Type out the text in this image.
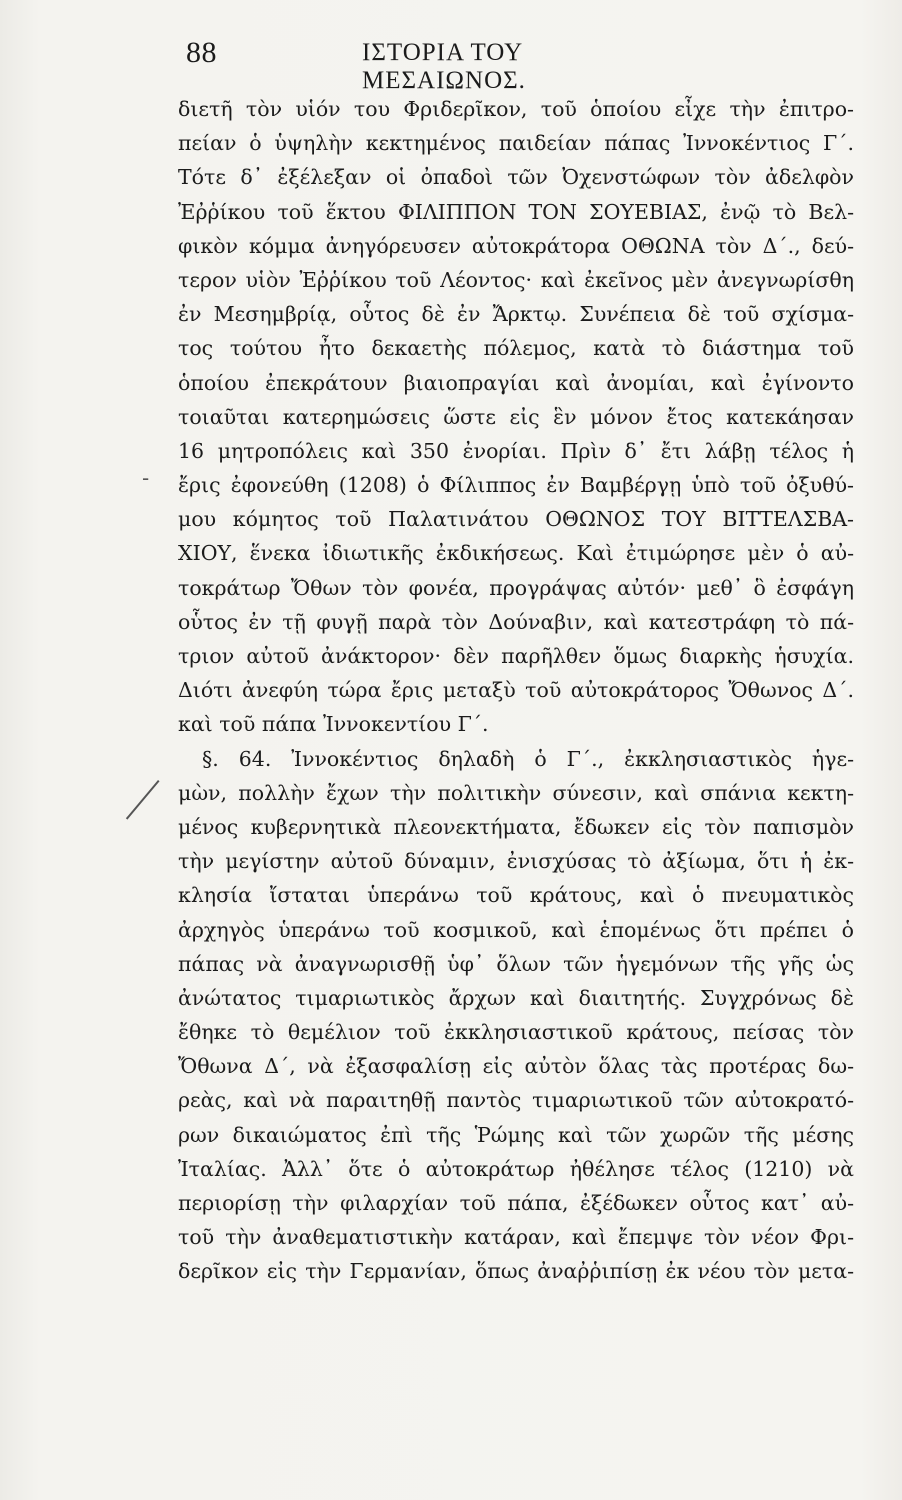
88	ΙΣΤΟΡΙΑ ΤΟΥ ΜΕΣΑΙΩΝΟΣ.
‐
διετῆ τὸν υἱόν του Φριδερῖκον, τοῦ ὁποίου εἶχε τὴν ἐπιτρο-
πείαν ὁ ὑψηλὴν κεκτημένος παιδείαν πάπας Ἰννοκέντιος Γ΄.
Τότε δ᾿ ἐξέλεξαν οἱ ὀπαδοὶ τῶν Ὀχενστώφων τὸν ἀδελφὸν
Ἐῤῥίκου τοῦ ἕκτου ΦΙΛΙΠΠΟΝ ΤΟΝ ΣΟΥΕΒΙΑΣ, ἐνῷ τὸ Βελ-
φικὸν κόμμα ἀνηγόρευσεν αὐτοκράτορα ΟΘΩΝΑ τὸν Δ΄., δεύ-
τερον υἱὸν Ἐῤῥίκου τοῦ Λέοντος· καὶ ἐκεῖνος μὲν ἀνεγνωρίσθη
ἐν Μεσημβρίᾳ, οὗτος δὲ ἐν Ἄρκτῳ. Συνέπεια δὲ τοῦ σχίσμα-
τος τούτου ἦτο δεκαετὴς πόλεμος, κατὰ τὸ διάστημα τοῦ
ὁποίου ἐπεκράτουν βιαιοπραγίαι καὶ ἀνομίαι, καὶ ἐγίνοντο
τοιαῦται κατερημώσεις ὥστε εἰς ἓν μόνον ἔτος κατεκάησαν
16 μητροπόλεις καὶ 350 ἐνορίαι. Πρὶν δ᾿ ἔτι λάβῃ τέλος ἡ
ἔρις ἐφονεύθη (1208) ὁ Φίλιππος ἐν Βαμβέργῃ ὑπὸ τοῦ ὀξυθύ-
μου κόμητος τοῦ Παλατινάτου ΟΘΩΝΟΣ ΤΟΥ ΒΙΤΤΕΛΣΒΑ-
ΧΙΟΥ, ἕνεκα ἰδιωτικῆς ἐκδικήσεως. Καὶ ἐτιμώρησε μὲν ὁ αὐ-
τοκράτωρ Ὄθων τὸν φονέα, προγράψας αὐτόν· μεθ᾿ ὃ ἐσφάγη
οὗτος ἐν τῇ φυγῇ παρὰ τὸν Δούναβιν, καὶ κατεστράφη τὸ πά-
τριον αὐτοῦ ἀνάκτορον· δὲν παρῆλθεν ὅμως διαρκὴς ἡσυχία.
Διότι ἀνεφύη τώρα ἔρις μεταξὺ τοῦ αὐτοκράτορος Ὄθωνος Δ΄.
καὶ τοῦ πάπα Ἰννοκεντίου Γ΄.
§. 64. Ἰννοκέντιος δηλαδὴ ὁ Γ΄., ἐκκλησιαστικὸς ἡγε-
μὼν, πολλὴν ἔχων τὴν πολιτικὴν σύνεσιν, καὶ σπάνια κεκτη-
μένος κυβερνητικὰ πλεονεκτήματα, ἔδωκεν εἰς τὸν παπισμὸν
τὴν μεγίστην αὐτοῦ δύναμιν, ἐνισχύσας τὸ ἀξίωμα, ὅτι ἡ ἐκ-
κλησία ἴσταται ὑπεράνω τοῦ κράτους, καὶ ὁ πνευματικὸς
ἀρχηγὸς ὑπεράνω τοῦ κοσμικοῦ, καὶ ἑπομένως ὅτι πρέπει ὁ
πάπας νὰ ἀναγνωρισθῇ ὑφ᾿ ὅλων τῶν ἡγεμόνων τῆς γῆς ὡς
ἀνώτατος τιμαριωτικὸς ἄρχων καὶ διαιτητής. Συγχρόνως δὲ
ἔθηκε τὸ θεμέλιον τοῦ ἐκκλησιαστικοῦ κράτους, πείσας τὸν
Ὄθωνα Δ΄, νὰ ἐξασφαλίσῃ εἰς αὐτὸν ὅλας τὰς προτέρας δω-
ρεὰς, καὶ νὰ παραιτηθῇ παντὸς τιμαριωτικοῦ τῶν αὐτοκρατό-
ρων δικαιώματος ἐπὶ τῆς Ῥώμης καὶ τῶν χωρῶν τῆς μέσης
Ἰταλίας. Ἀλλ᾿ ὅτε ὁ αὐτοκράτωρ ἠθέλησε τέλος (1210) νὰ
περιορίσῃ τὴν φιλαρχίαν τοῦ πάπα, ἐξέδωκεν οὗτος κατ᾿ αὐ-
τοῦ τὴν ἀναθεματιστικὴν κατάραν, καὶ ἔπεμψε τὸν νέον Φρι-
δερῖκον εἰς τὴν Γερμανίαν, ὅπως ἀναῤῥιπίσῃ ἐκ νέου τὸν μετα-
